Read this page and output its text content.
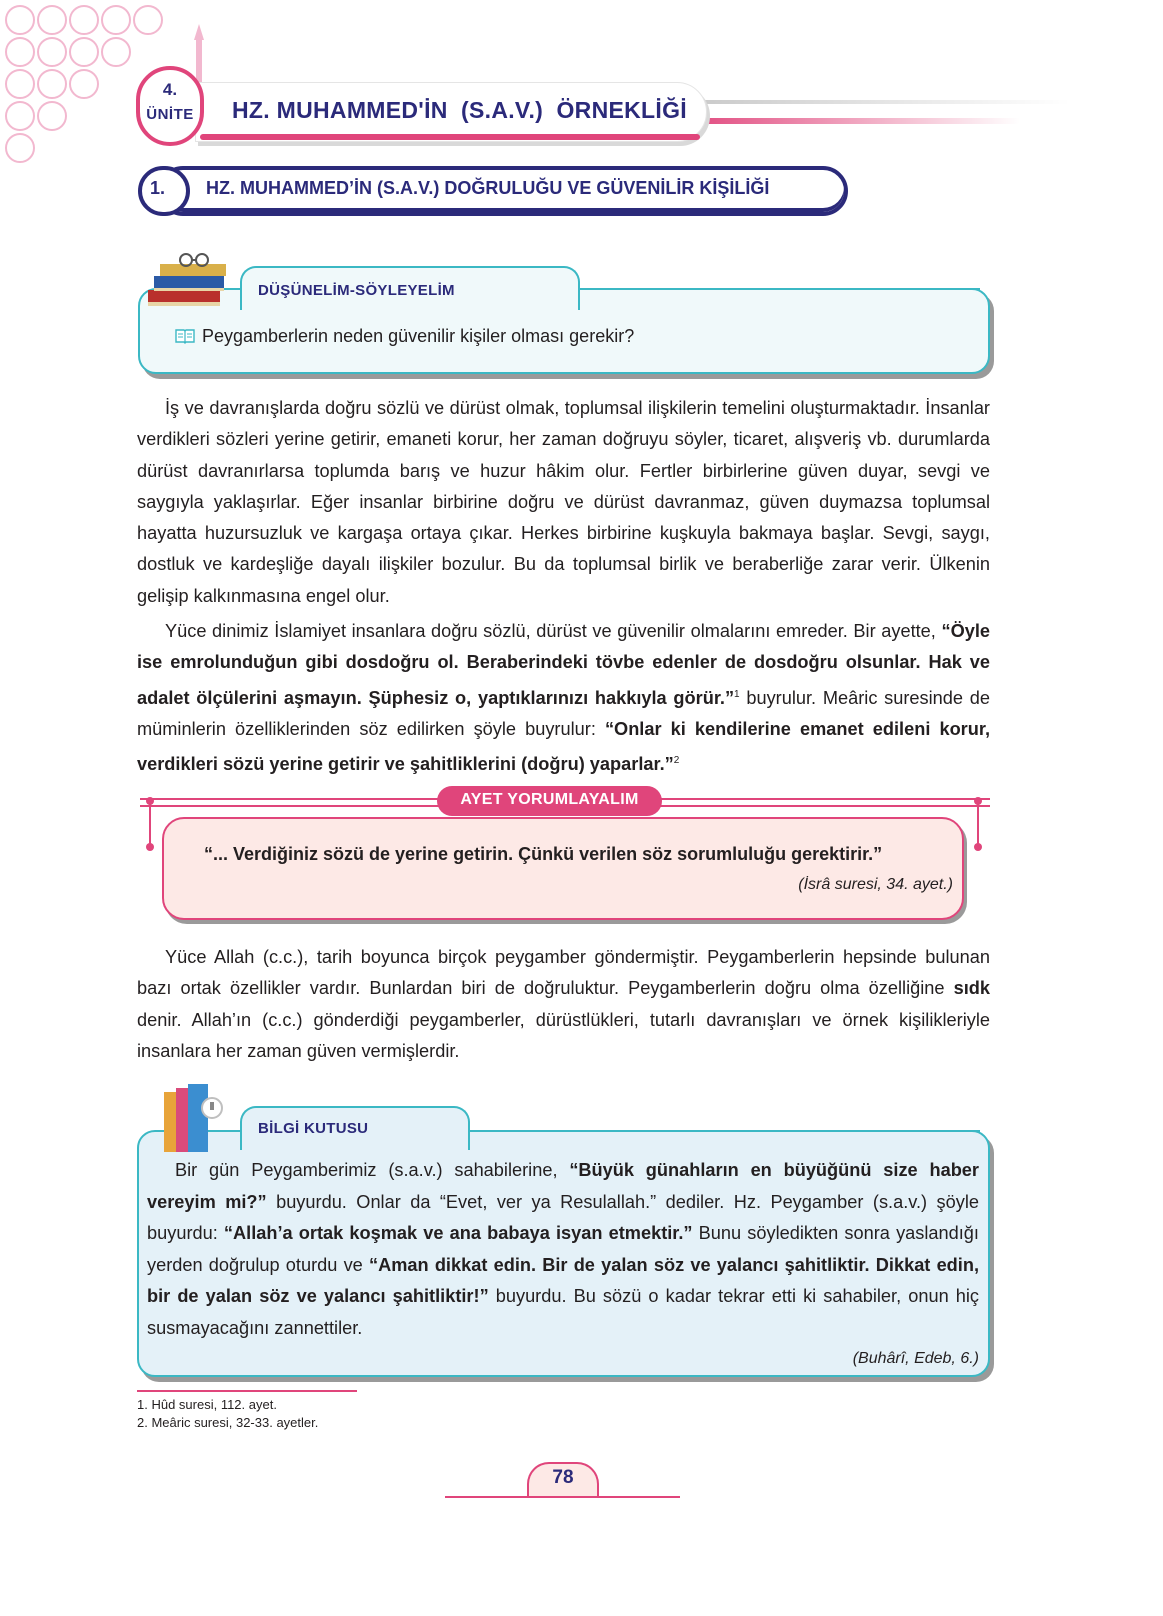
4.
ÜNİTE HZ. MUHAMMED'İN  (S.A.V.)  ÖRNEKLİĞİ
1. HZ. MUHAMMED’İN (S.A.V.) DOĞRULUĞU VE GÜVENİLİR KİŞİLİĞİ
DÜŞÜNELİM-SÖYLEYELİM
Peygamberlerin neden güvenilir kişiler olması gerekir?
İş ve davranışlarda doğru sözlü ve dürüst olmak, toplumsal ilişkilerin temelini oluşturmaktadır. İnsanlar verdikleri sözleri yerine getirir, emaneti korur, her zaman doğruyu söyler, ticaret, alışveriş vb. durumlarda dürüst davranırlarsa toplumda barış ve huzur hâkim olur. Fertler birbirlerine güven duyar, sevgi ve saygıyla yaklaşırlar. Eğer insanlar birbirine doğru ve dürüst davranmaz, güven duymazsa toplumsal hayatta huzursuzluk ve kargaşa ortaya çıkar. Herkes birbirine kuşkuyla bakmaya başlar. Sevgi, saygı, dostluk ve kardeşliğe dayalı ilişkiler bozulur. Bu da toplumsal birlik ve beraberliğe zarar verir. Ülkenin gelişip kalkınmasına engel olur.
Yüce dinimiz İslamiyet insanlara doğru sözlü, dürüst ve güvenilir olmalarını emreder. Bir ayette, “Öyle ise emrolunduğun gibi dosdoğru ol. Beraberindeki tövbe edenler de dosdoğru olsunlar. Hak ve adalet ölçülerini aşmayın. Şüphesiz o, yaptıklarınızı hakkıyla görür.”$^1$ buyrulur. Meâric suresinde de müminlerin özelliklerinden söz edilirken şöyle buyrulur: “Onlar ki kendilerine emanet edileni korur, verdikleri sözü yerine getirir ve şahitliklerini (doğru) yaparlar.”$^2$
AYET YORUMLAYALIM
“... Verdiğiniz sözü de yerine getirin. Çünkü verilen söz sorumluluğu gerektirir.”
(İsrâ suresi, 34. ayet.)
Yüce Allah (c.c.), tarih boyunca birçok peygamber göndermiştir. Peygamberlerin hepsinde bulunan bazı ortak özellikler vardır. Bunlardan biri de doğruluktur. Peygamberlerin doğru olma özelliğine sıdk denir. Allah’ın (c.c.) gönderdiği peygamberler, dürüstlükleri, tutarlı davranışları ve örnek kişilikleriyle insanlara her zaman güven vermişlerdir.
BİLGİ KUTUSU
Bir gün Peygamberimiz (s.a.v.) sahabilerine, “Büyük günahların en büyüğünü size haber vereyim mi?” buyurdu. Onlar da “Evet, ver ya Resulallah.” dediler. Hz. Peygamber (s.a.v.) şöyle buyurdu: “Allah’a ortak koşmak ve ana babaya isyan etmektir.” Bunu söyledikten sonra yaslandığı yerden doğrulup oturdu ve “Aman dikkat edin. Bir de yalan söz ve yalancı şahitliktir. Dikkat edin, bir de yalan söz ve yalancı şahitliktir!” buyurdu. Bu sözü o kadar tekrar etti ki sahabiler, onun hiç susmayacağını zannettiler.
(Buhârî, Edeb, 6.)
1. Hûd suresi, 112. ayet.
2. Meâric suresi, 32-33. ayetler.
78
